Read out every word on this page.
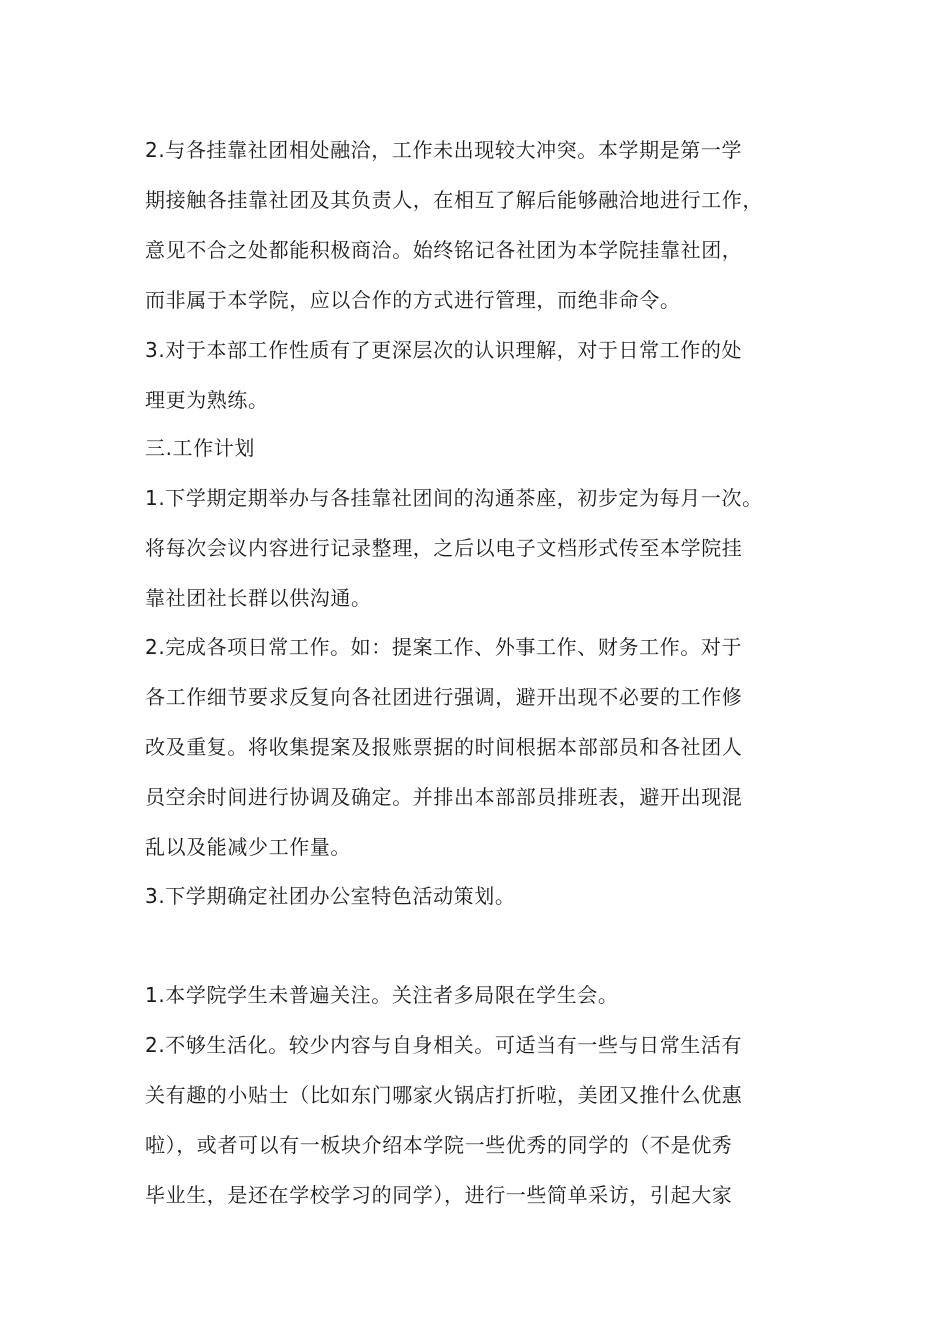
2.与各挂靠社团相处融洽，工作未出现较大冲突。本学期是第一学
期接触各挂靠社团及其负责人，在相互了解后能够融洽地进行工作，
意见不合之处都能积极商洽。始终铭记各社团为本学院挂靠社团，
而非属于本学院，应以合作的方式进行管理，而绝非命令。
3.对于本部工作性质有了更深层次的认识理解，对于日常工作的处
理更为熟练。
三.工作计划
1.下学期定期举办与各挂靠社团间的沟通茶座，初步定为每月一次。
将每次会议内容进行记录整理，之后以电子文档形式传至本学院挂
靠社团社长群以供沟通。
2.完成各项日常工作。如：提案工作、外事工作、财务工作。对于
各工作细节要求反复向各社团进行强调，避开出现不必要的工作修
改及重复。将收集提案及报账票据的时间根据本部部员和各社团人
员空余时间进行协调及确定。并排出本部部员排班表，避开出现混
乱以及能减少工作量。
3.下学期确定社团办公室特色活动策划。
1.本学院学生未普遍关注。关注者多局限在学生会。
2.不够生活化。较少内容与自身相关。可适当有一些与日常生活有
关有趣的小贴士（比如东门哪家火锅店打折啦，美团又推什么优惠
啦），或者可以有一板块介绍本学院一些优秀的同学的（不是优秀
毕业生，是还在学校学习的同学），进行一些简单采访，引起大家
